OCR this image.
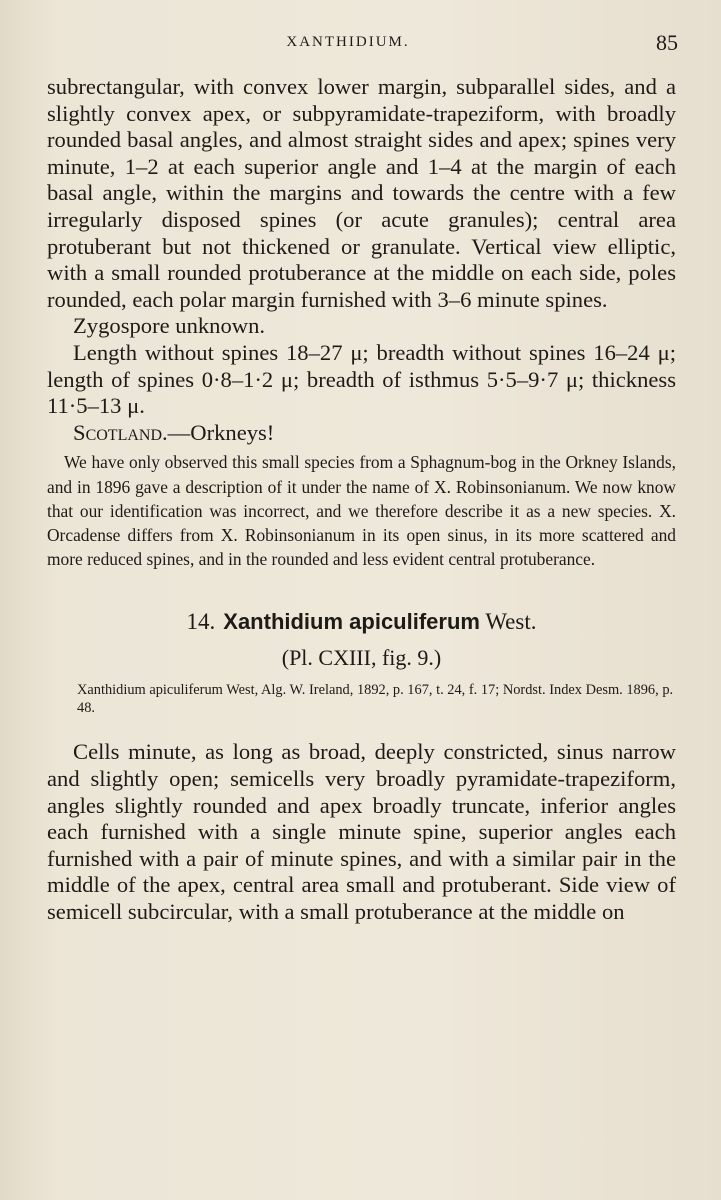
XANTHIDIUM.	85

subrectangular, with convex lower margin, subparallel sides, and a slightly convex apex, or subpyramidate-trapeziform, with broadly rounded basal angles, and almost straight sides and apex; spines very minute, 1–2 at each superior angle and 1–4 at the margin of each basal angle, within the margins and towards the centre with a few irregularly disposed spines (or acute granules); central area protuberant but not thickened or granulate. Vertical view elliptic, with a small rounded protuberance at the middle on each side, poles rounded, each polar margin furnished with 3–6 minute spines.

Zygospore unknown.

Length without spines 18–27 μ; breadth without spines 16–24 μ; length of spines 0·8–1·2 μ; breadth of isthmus 5·5–9·7 μ; thickness 11·5–13 μ.

Scotland.—Orkneys!

We have only observed this small species from a Sphagnum-bog in the Orkney Islands, and in 1896 gave a description of it under the name of X. Robinsonianum. We now know that our identification was incorrect, and we therefore describe it as a new species. X. Orcadense differs from X. Robinsonianum in its open sinus, in its more scattered and more reduced spines, and in the rounded and less evident central protuberance.

14. Xanthidium apiculiferum West.

(Pl. CXIII, fig. 9.)

Xanthidium apiculiferum West, Alg. W. Ireland, 1892, p. 167, t. 24, f. 17; Nordst. Index Desm. 1896, p. 48.

Cells minute, as long as broad, deeply constricted, sinus narrow and slightly open; semicells very broadly pyramidate-trapeziform, angles slightly rounded and apex broadly truncate, inferior angles each furnished with a single minute spine, superior angles each furnished with a pair of minute spines, and with a similar pair in the middle of the apex, central area small and protuberant. Side view of semicell subcircular, with a small protuberance at the middle on
